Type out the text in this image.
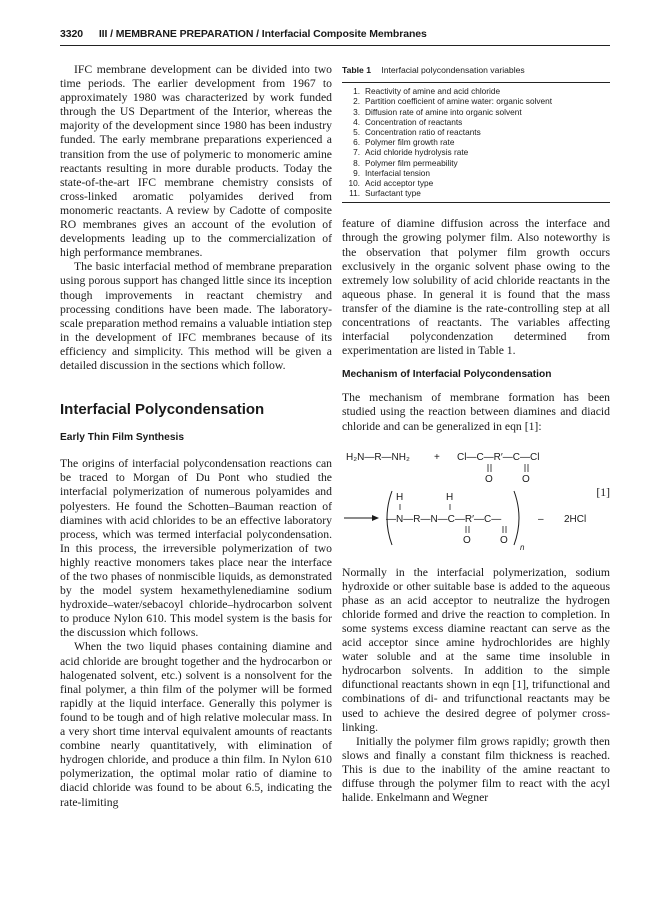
3320 III / MEMBRANE PREPARATION / Interfacial Composite Membranes

IFC membrane development can be divided into two time periods. The earlier development from 1967 to approximately 1980 was characterized by work funded through the US Department of the Interior, whereas the majority of the development since 1980 has been industry funded. The early membrane preparations experienced a transition from the use of polymeric to monomeric amine reactants resulting in more durable products. Today the state-of-the-art IFC membrane chemistry consists of cross-linked aromatic polyamides derived from monomeric reactants. A review by Cadotte of composite RO membranes gives an account of the evolution of developments leading up to the commercialization of high performance membranes.

The basic interfacial method of membrane preparation using porous support has changed little since its inception though improvements in reactant chemistry and processing conditions have been made. The laboratory-scale preparation method remains a valuable intiation step in the development of IFC membranes because of its efficiency and simplicity. This method will be given a detailed discussion in the sections which follow.

Interfacial Polycondensation
Early Thin Film Synthesis

The origins of interfacial polycondensation reactions can be traced to Morgan of Du Pont who studied the interfacial polymerization of numerous polyamides and polyesters. He found the Schotten–Bauman reaction of diamines with acid chlorides to be an effective laboratory process, which was termed interfacial polycondensation. In this process, the irreversible polymerization of two highly reactive monomers takes place near the interface of the two phases of nonmiscible liquids, as demonstrated by the model system hexamethylenediamine sodium hydroxide–water/sebacoyl chloride–hydrocarbon solvent to produce Nylon 610. This model system is the basis for the discussion which follows.

When the two liquid phases containing diamine and acid chloride are brought together and the hydrocarbon or halogenated solvent, etc.) solvent is a nonsolvent for the final polymer, a thin film of the polymer will be formed rapidly at the liquid interface. Generally this polymer is found to be tough and of high relative molecular mass. In a very short time interval equivalent amounts of reactants combine nearly quantitatively, with elimination of hydrogen chloride, and produce a thin film. In Nylon 610 polymerization, the optimal molar ratio of diamine to diacid chloride was found to be about 6.5, indicating the rate-limiting

Table 1 Interfacial polycondensation variables
1. Reactivity of amine and acid chloride
2. Partition coefficient of amine water: organic solvent
3. Diffusion rate of amine into organic solvent
4. Concentration of reactants
5. Concentration ratio of reactants
6. Polymer film growth rate
7. Acid chloride hydrolysis rate
8. Polymer film permeability
9. Interfacial tension
10. Acid acceptor type
11. Surfactant type

feature of diamine diffusion across the interface and through the growing polymer film. Also noteworthy is the observation that polymer film growth occurs exclusively in the organic solvent phase owing to the extremely low solubility of acid chloride reactants in the aqueous phase. In general it is found that the mass transfer of the diamine is the rate-controlling step at all concentrations of reactants. The variables affecting interfacial polycondenzation determined from experimentation are listed in Table 1.

Mechanism of Interfacial Polycondensation

The mechanism of membrane formation has been studied using the reaction between diamines and diacid chloride and can be generalized in eqn [1]:

H₂N—R—NH₂ + Cl—C—R′—C—Cl
O	O
H	H
—N—R—N—C—R′—C—
O	O
n
– 2HCl
[1]

Normally in the interfacial polymerization, sodium hydroxide or other suitable base is added to the aqueous phase as an acid acceptor to neutralize the hydrogen chloride formed and drive the reaction to completion. In some systems excess diamine reactant can serve as the acid acceptor since amine hydrochlorides are highly water soluble and at the same time insoluble in hydrocarbon solvents. In addition to the simple difunctional reactants shown in eqn [1], trifunctional and combinations of di- and trifunctional reactants may be used to achieve the desired degree of polymer cross-linking.

Initially the polymer film grows rapidly; growth then slows and finally a constant film thickness is reached. This is due to the inability of the amine reactant to diffuse through the polymer film to react with the acyl halide. Enkelmann and Wegner
